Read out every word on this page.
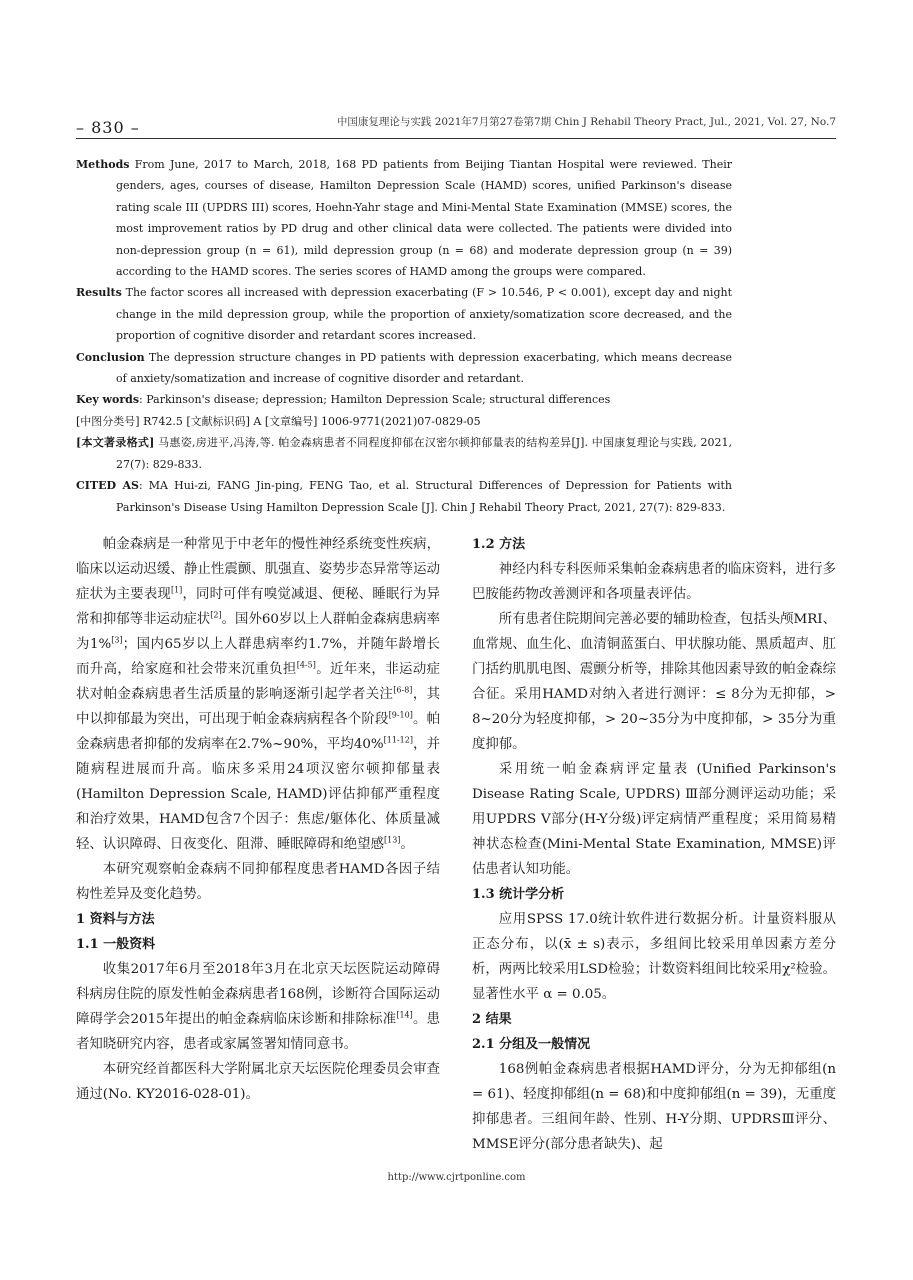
– 830 –	中国康复理论与实践 2021年7月第27卷第7期 Chin J Rehabil Theory Pract, Jul., 2021, Vol. 27, No.7

Methods From June, 2017 to March, 2018, 168 PD patients from Beijing Tiantan Hospital were reviewed. Their genders, ages, courses of disease, Hamilton Depression Scale (HAMD) scores, unified Parkinson's disease rating scale III (UPDRS III) scores, Hoehn-Yahr stage and Mini-Mental State Examination (MMSE) scores, the most improvement ratios by PD drug and other clinical data were collected. The patients were divided into non-depression group (n = 61), mild depression group (n = 68) and moderate depression group (n = 39) according to the HAMD scores. The series scores of HAMD among the groups were compared.

Results The factor scores all increased with depression exacerbating (F > 10.546, P < 0.001), except day and night change in the mild depression group, while the proportion of anxiety/somatization score decreased, and the proportion of cognitive disorder and retardant scores increased.

Conclusion The depression structure changes in PD patients with depression exacerbating, which means decrease of anxiety/somatization and increase of cognitive disorder and retardant.

Key words: Parkinson's disease; depression; Hamilton Depression Scale; structural differences

[中图分类号] R742.5 [文献标识码] A [文章编号] 1006-9771(2021)07-0829-05

[本文著录格式] 马惠姿,房进平,冯涛,等. 帕金森病患者不同程度抑郁在汉密尔顿抑郁量表的结构差异[J]. 中国康复理论与实践, 2021, 27(7): 829-833.

CITED AS: MA Hui-zi, FANG Jin-ping, FENG Tao, et al. Structural Differences of Depression for Patients with Parkinson's Disease Using Hamilton Depression Scale [J]. Chin J Rehabil Theory Pract, 2021, 27(7): 829-833.

帕金森病是一种常见于中老年的慢性神经系统变性疾病，临床以运动迟缓、静止性震颤、肌强直、姿势步态异常等运动症状为主要表现[1]，同时可伴有嗅觉减退、便秘、睡眠行为异常和抑郁等非运动症状[2]。国外60岁以上人群帕金森病患病率为1%[3]；国内65岁以上人群患病率约1.7%，并随年龄增长而升高，给家庭和社会带来沉重负担[4-5]。近年来，非运动症状对帕金森病患者生活质量的影响逐渐引起学者关注[6-8]，其中以抑郁最为突出，可出现于帕金森病病程各个阶段[9-10]。帕金森病患者抑郁的发病率在2.7%~90%，平均40%[11-12]，并随病程进展而升高。临床多采用24项汉密尔顿抑郁量表(Hamilton Depression Scale, HAMD)评估抑郁严重程度和治疗效果，HAMD包含7个因子：焦虑/躯体化、体质量减轻、认识障碍、日夜变化、阻滞、睡眠障碍和绝望感[13]。

本研究观察帕金森病不同抑郁程度患者HAMD各因子结构性差异及变化趋势。

1 资料与方法

1.1 一般资料

收集2017年6月至2018年3月在北京天坛医院运动障碍科病房住院的原发性帕金森病患者168例，诊断符合国际运动障碍学会2015年提出的帕金森病临床诊断和排除标准[14]。患者知晓研究内容，患者或家属签署知情同意书。

本研究经首都医科大学附属北京天坛医院伦理委员会审查通过(No. KY2016-028-01)。

1.2 方法

神经内科专科医师采集帕金森病患者的临床资料，进行多巴胺能药物改善测评和各项量表评估。

所有患者住院期间完善必要的辅助检查，包括头颅MRI、血常规、血生化、血清铜蓝蛋白、甲状腺功能、黑质超声、肛门括约肌肌电图、震颤分析等，排除其他因素导致的帕金森综合征。采用HAMD对纳入者进行测评：≤ 8分为无抑郁，> 8~20分为轻度抑郁，> 20~35分为中度抑郁，> 35分为重度抑郁。

采用统一帕金森病评定量表 (Unified Parkinson's Disease Rating Scale, UPDRS) Ⅲ部分测评运动功能；采用UPDRS Ⅴ部分(H-Y分级)评定病情严重程度；采用简易精神状态检查(Mini-Mental State Examination, MMSE)评估患者认知功能。

1.3 统计学分析

应用SPSS 17.0统计软件进行数据分析。计量资料服从正态分布，以(x̄ ± s)表示，多组间比较采用单因素方差分析，两两比较采用LSD检验；计数资料组间比较采用χ²检验。显著性水平 α = 0.05。

2 结果

2.1 分组及一般情况

168例帕金森病患者根据HAMD评分，分为无抑郁组(n = 61)、轻度抑郁组(n = 68)和中度抑郁组(n = 39)，无重度抑郁患者。三组间年龄、性别、H-Y分期、UPDRSⅢ评分、MMSE评分(部分患者缺失)、起

http://www.cjrtponline.com
